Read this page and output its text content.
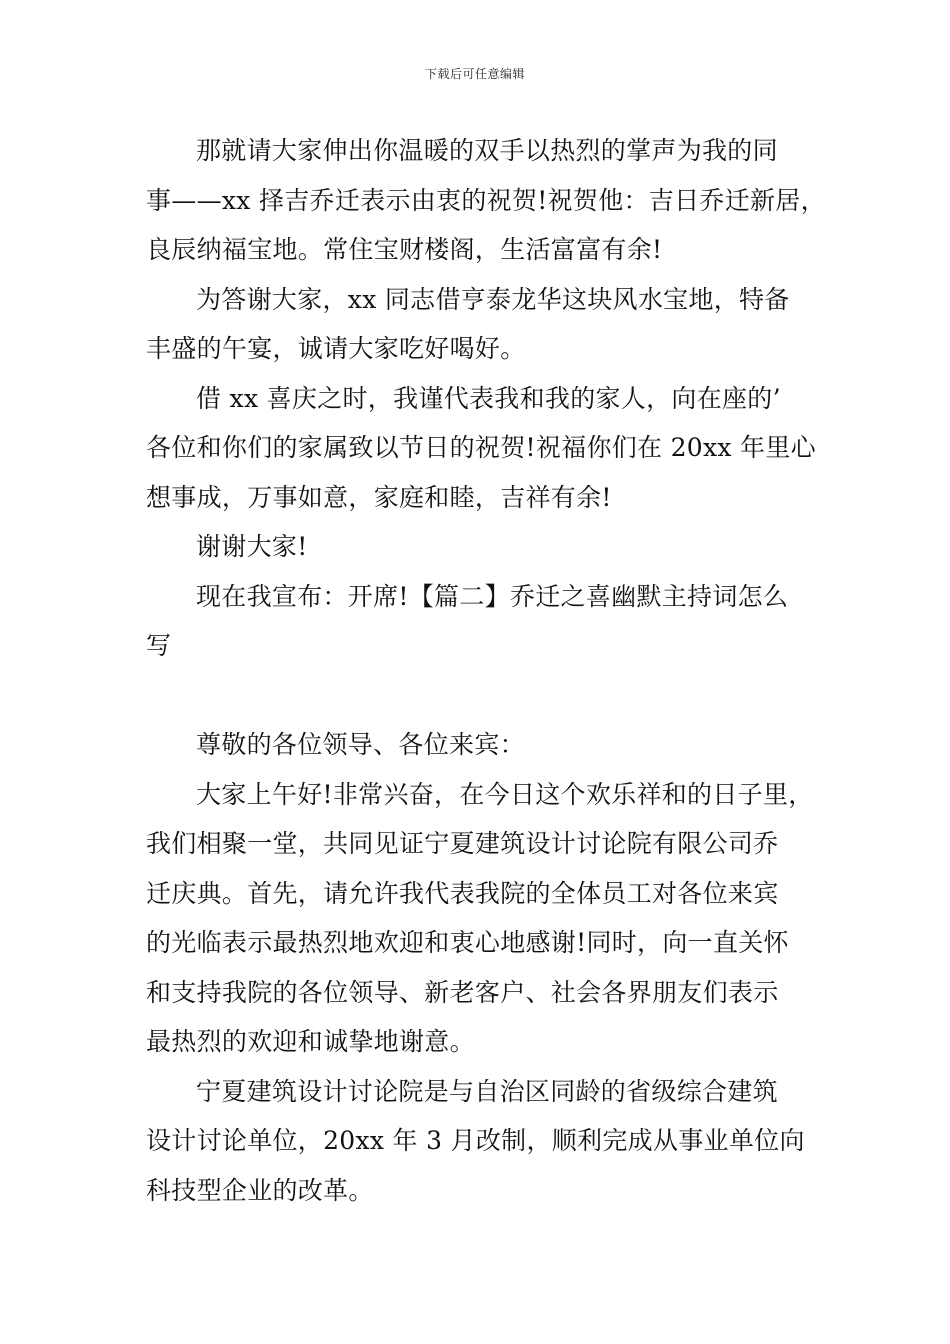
下载后可任意编辑

那就请大家伸出你温暖的双手以热烈的掌声为我的同
事——xx 择吉乔迁表示由衷的祝贺!祝贺他：吉日乔迁新居，
良辰纳福宝地。常住宝财楼阁，生活富富有余!

为答谢大家，xx 同志借亨泰龙华这块风水宝地，特备
丰盛的午宴，诚请大家吃好喝好。

借 xx 喜庆之时，我谨代表我和我的家人，向在座的’
各位和你们的家属致以节日的祝贺!祝福你们在 20xx 年里心
想事成，万事如意，家庭和睦，吉祥有余!

谢谢大家!

现在我宣布：开席!【篇二】乔迁之喜幽默主持词怎么
写

尊敬的各位领导、各位来宾：

大家上午好!非常兴奋，在今日这个欢乐祥和的日子里，
我们相聚一堂，共同见证宁夏建筑设计讨论院有限公司乔
迁庆典。首先，请允许我代表我院的全体员工对各位来宾
的光临表示最热烈地欢迎和衷心地感谢!同时，向一直关怀
和支持我院的各位领导、新老客户、社会各界朋友们表示
最热烈的欢迎和诚挚地谢意。

宁夏建筑设计讨论院是与自治区同龄的省级综合建筑
设计讨论单位，20xx 年 3 月改制，顺利完成从事业单位向
科技型企业的改革。
